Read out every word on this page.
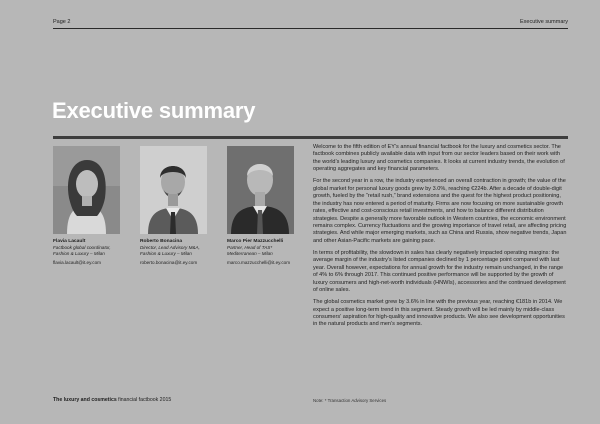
Page 2	Executive summary
Executive summary
Flavia Lacault
Factbook global coordinator,
Fashion & Luxury – Milan
flavia.lacault@it.ey.com
Roberto Bonacina
Director, Lead Advisory M&A,
Fashion & Luxury – Milan
roberto.bonacina@it.ey.com
Marco Pier Mazzucchelli
Partner, Head of TAS*
Mediterranean – Milan
marco.mazzucchelli@it.ey.com

Welcome to the fifth edition of EY’s annual financial factbook for the luxury and cosmetics sector. The factbook combines publicly available data with input from our sector leaders based on their work with the world’s leading luxury and cosmetics companies. It looks at current industry trends, the evolution of operating aggregates and key financial parameters.

For the second year in a row, the industry experienced an overall contraction in growth; the value of the global market for personal luxury goods grew by 3.0%, reaching €224b. After a decade of double-digit growth, fueled by the “retail rush,” brand extensions and the quest for the highest product positioning, the industry has now entered a period of maturity. Firms are now focusing on more sustainable growth rates, effective and cost-conscious retail investments, and how to balance different distribution strategies. Despite a generally more favorable outlook in Western countries, the economic environment remains complex. Currency fluctuations and the growing importance of travel retail, are affecting pricing strategies. And while major emerging markets, such as China and Russia, show negative trends, Japan and other Asian-Pacific markets are gaining pace.

In terms of profitability, the slowdown in sales has clearly negatively impacted operating margins: the average margin of the industry’s listed companies declined by 1 percentage point compared with last year. Overall however, expectations for annual growth for the industry remain unchanged, in the range of 4% to 6% through 2017. This continued positive performance will be supported by the growth of luxury consumers and high-net-worth individuals (HNWIs), accessories and the continued development of online sales.

The global cosmetics market grew by 3.6% in line with the previous year, reaching €181b in 2014. We expect a positive long-term trend in this segment. Steady growth will be led mainly by middle-class consumers’ aspiration for high-quality and innovative products. We also see development opportunities in the natural products and men’s segments.

The luxury and cosmetics financial factbook 2015	Note: * Transaction Advisory Services
